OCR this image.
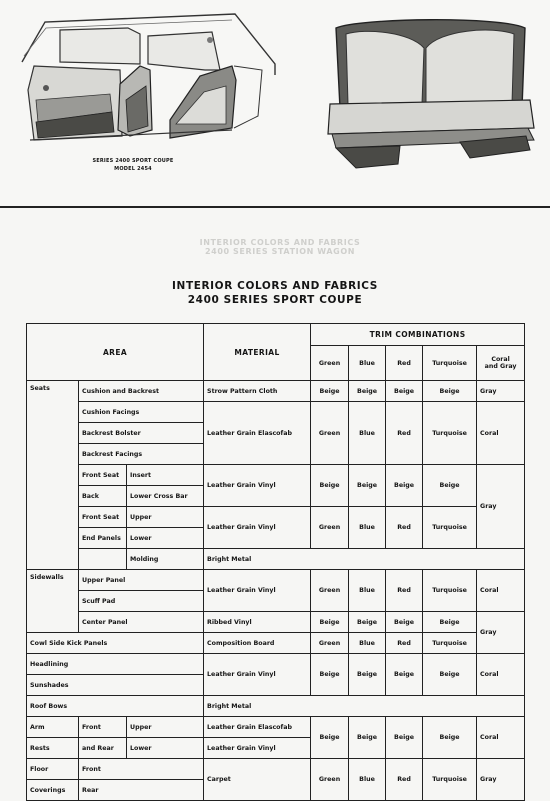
SERIES 2400 SPORT COUPE
MODEL 2454
INTERIOR COLORS AND FABRICS
2400 SERIES STATION WAGON
INTERIOR COLORS AND FABRICS
2400 SERIES SPORT COUPE
AREA			MATERIAL	TRIM COMBINATIONS				
				Green	Blue	Red	Turquoise	Coral
and Gray
Seats	Cushion and Backrest		Strow Pattern Cloth	Beige	Beige	Beige	Beige	Gray
	Cushion Facings		Leather Grain Elascofab	Green	Blue	Red	Turquoise	Coral
	Backrest Bolster							
	Backrest Facings							
	Front Seat	Insert	Leather Grain Vinyl	Beige	Beige	Beige	Beige	Gray
	Back	Lower Cross Bar						
	Front Seat	Upper	Leather Grain Vinyl	Green	Blue	Red	Turquoise	
	End Panels	Lower						
		Molding	Bright Metal					
Sidewalls	Upper Panel		Leather Grain Vinyl	Green	Blue	Red	Turquoise	Coral
	Scuff Pad							
	Center Panel		Ribbed Vinyl	Beige	Beige	Beige	Beige	Gray
Cowl Side Kick Panels			Composition Board	Green	Blue	Red	Turquoise	
Headlining			Leather Grain Vinyl	Beige	Beige	Beige	Beige	Coral
Sunshades								
Roof Bows			Bright Metal					
Arm	Front	Upper	Leather Grain Elascofab	Beige	Beige	Beige	Beige	Coral
Rests	and Rear	Lower	Leather Grain Vinyl					
Floor	Front		Carpet	Green	Blue	Red	Turquoise	Gray
Coverings	Rear							
